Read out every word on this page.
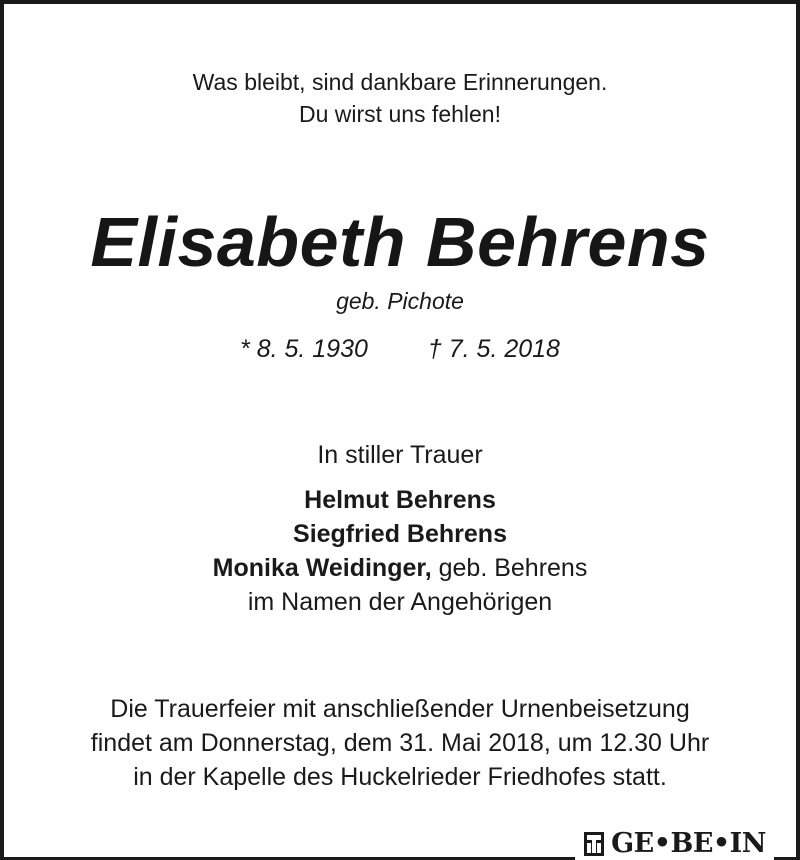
Was bleibt, sind dankbare Erinnerungen.
Du wirst uns fehlen!
Elisabeth Behrens
geb. Pichote
* 8. 5. 1930 † 7. 5. 2018
In stiller Trauer
Helmut Behrens
Siegfried Behrens
Monika Weidinger, geb. Behrens
im Namen der Angehörigen
Die Trauerfeier mit anschließender Urnenbeisetzung
findet am Donnerstag, dem 31. Mai 2018, um 12.30 Uhr
in der Kapelle des Huckelrieder Friedhofes statt.
GE•BE•IN
